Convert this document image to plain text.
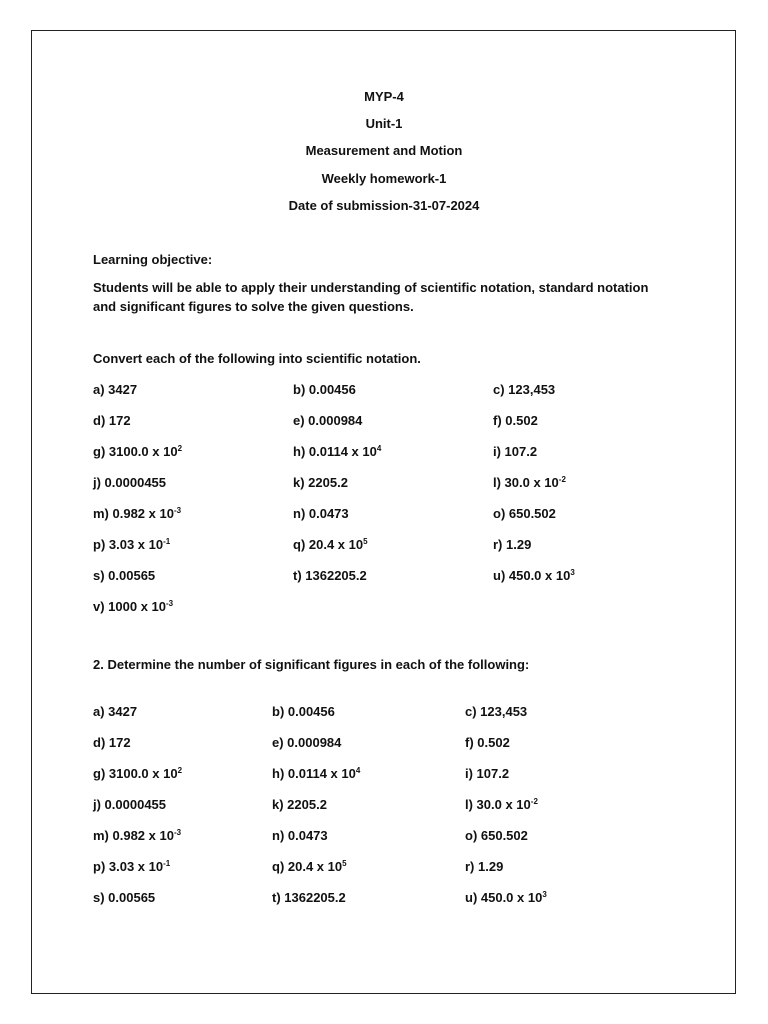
MYP-4
Unit-1
Measurement and Motion
Weekly homework-1
Date of submission-31-07-2024
Learning objective:
Students will be able to apply their understanding of scientific notation, standard notation and significant figures to solve the given questions.
Convert each of the following into scientific notation.
a) 3427	b) 0.00456	c) 123,453
d) 172	e) 0.000984	f) 0.502
g) 3100.0 x $10^2$	h) 0.0114 x $10^4$	i) 107.2
j) 0.0000455	k) 2205.2	l) 30.0 x $10^{-2}$
m) 0.982 x $10^{-3}$	n) 0.0473	o) 650.502
p) 3.03 x $10^{-1}$	q) 20.4 x $10^5$	r) 1.29
s) 0.00565	t) 1362205.2	u) 450.0 x $10^3$
v) 1000 x $10^{-3}$
2. Determine the number of significant figures in each of the following:
a) 3427	b) 0.00456	c) 123,453
d) 172	e) 0.000984	f) 0.502
g) 3100.0 x $10^2$	h) 0.0114 x $10^4$	i) 107.2
j) 0.0000455	k) 2205.2	l) 30.0 x $10^{-2}$
m) 0.982 x $10^{-3}$	n) 0.0473	o) 650.502
p) 3.03 x $10^{-1}$	q) 20.4 x $10^5$	r) 1.29
s) 0.00565	t) 1362205.2	u) 450.0 x $10^3$
